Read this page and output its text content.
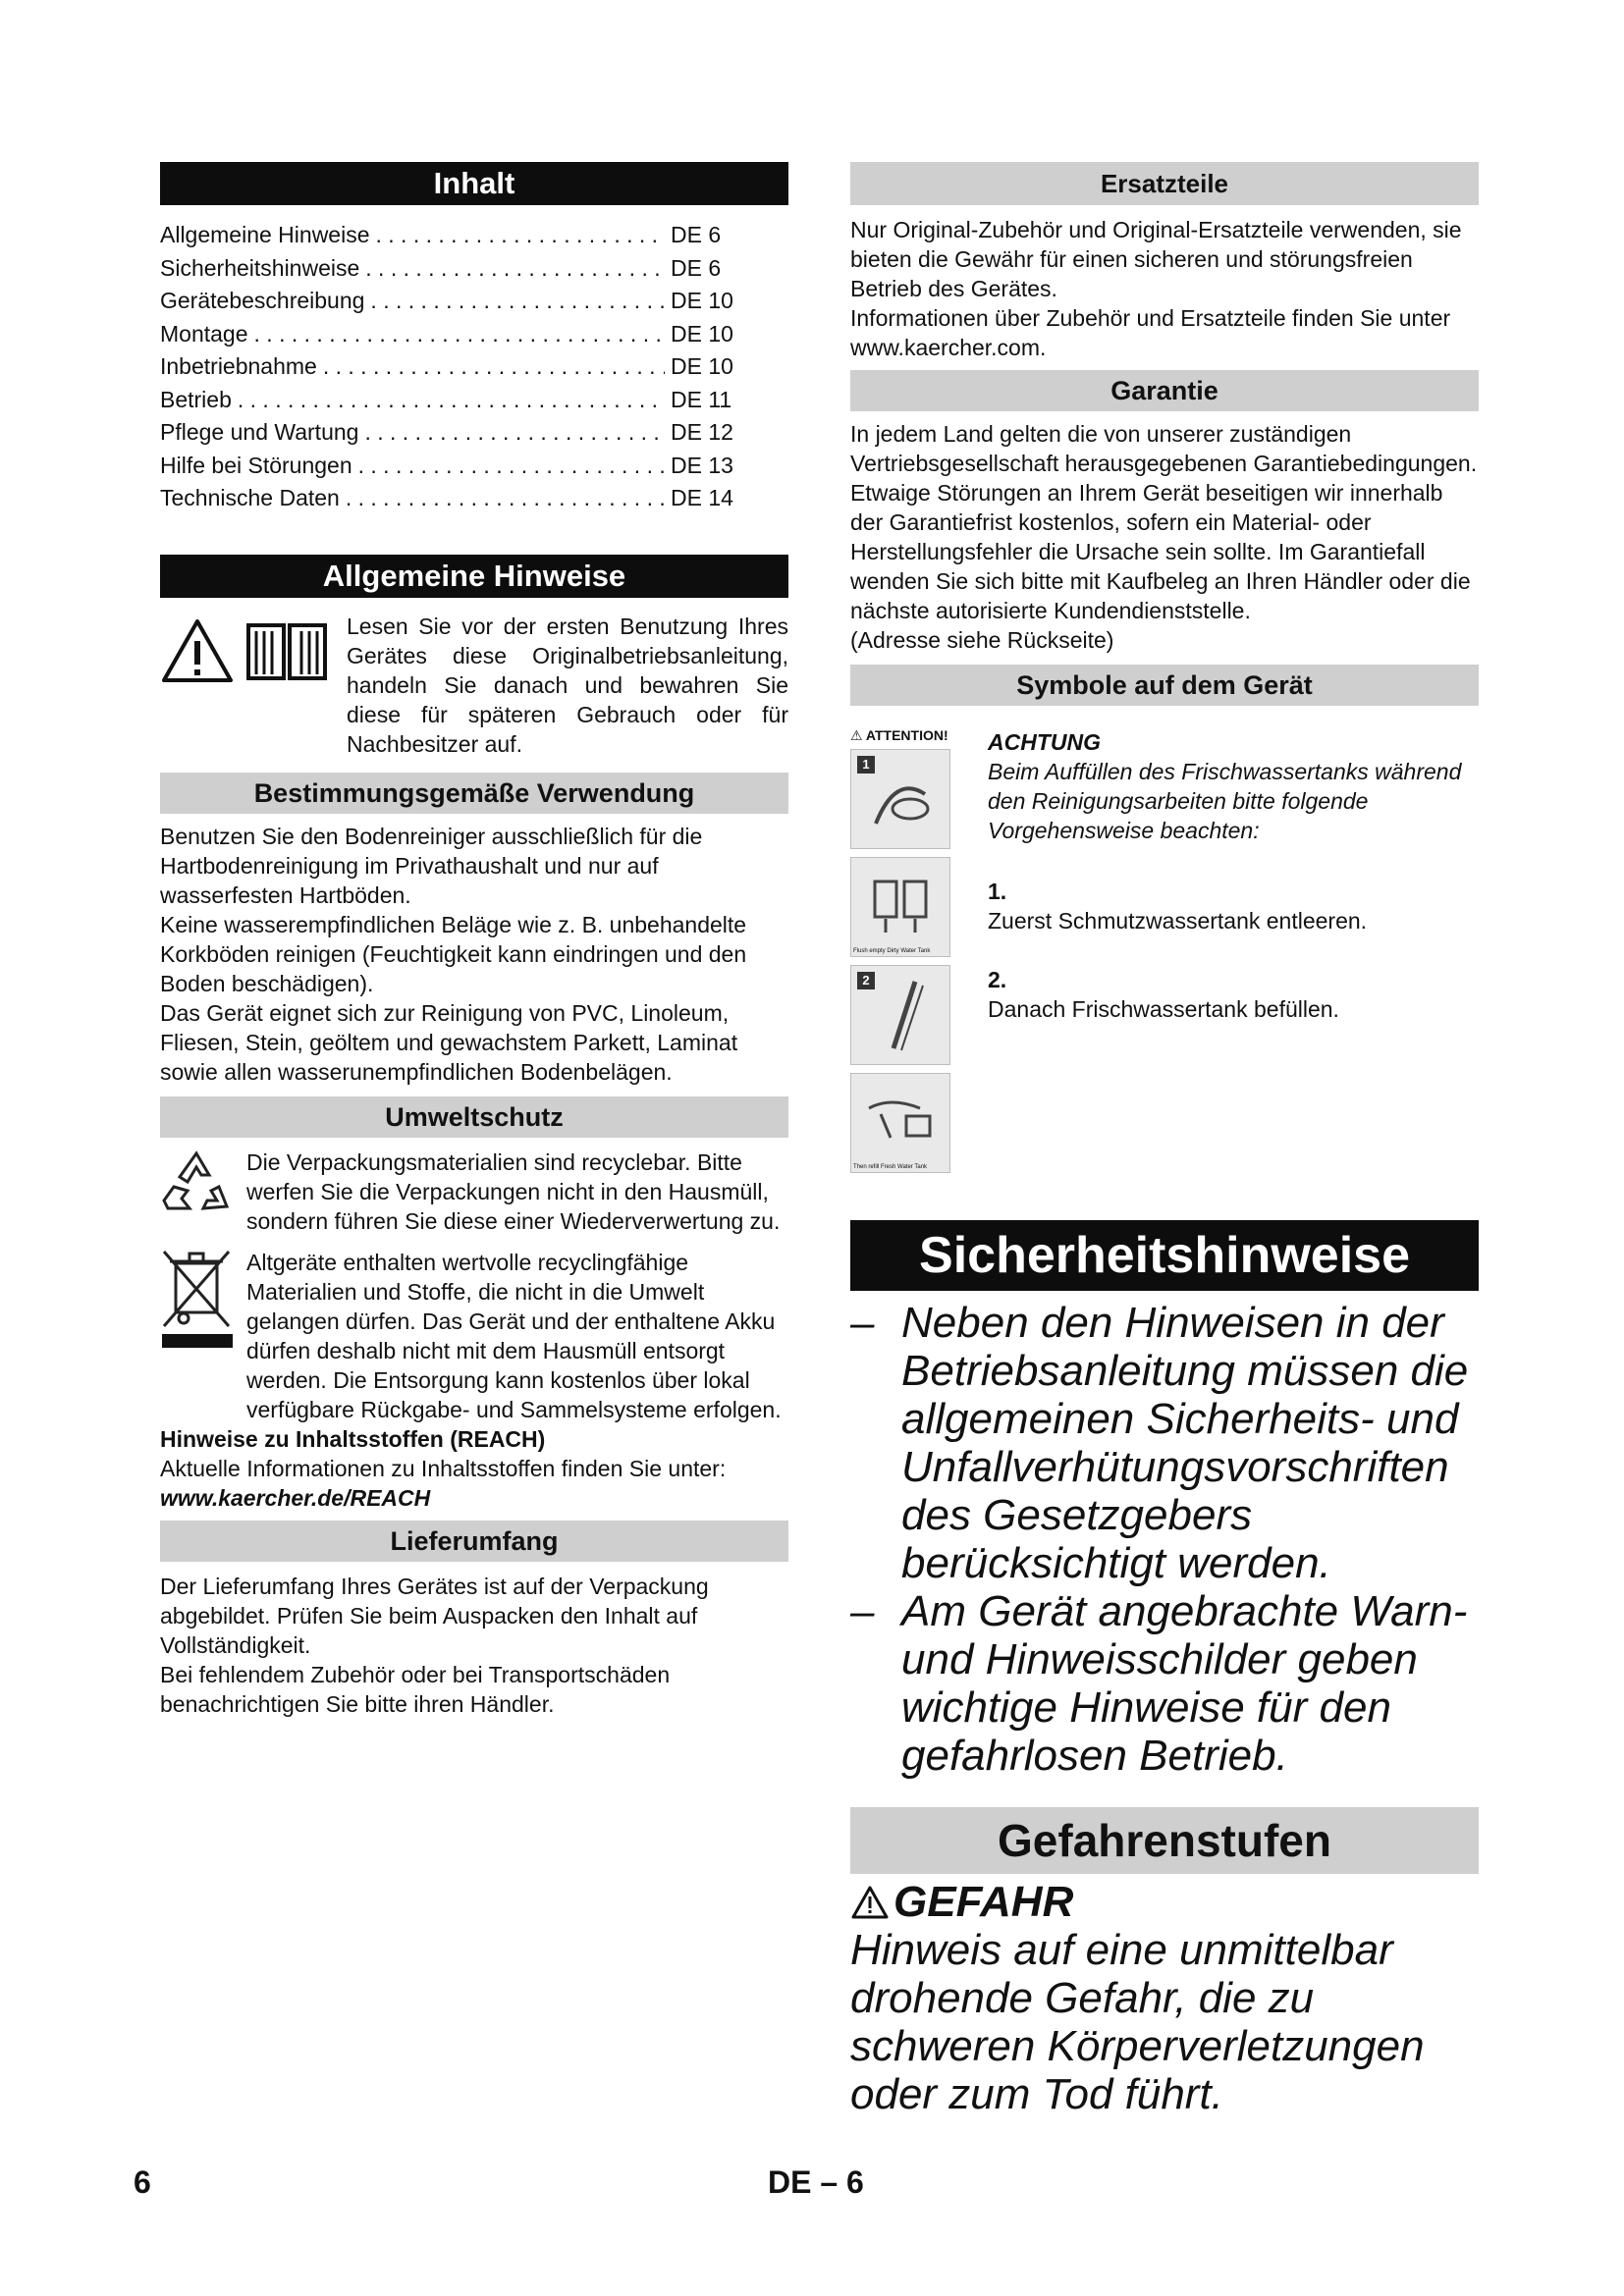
Inhalt
Allgemeine Hinweise . . .	DE 6
Sicherheitshinweise . . .	DE 6
Gerätebeschreibung . . .	DE 10
Montage . . .	DE 10
Inbetriebnahme . . .	DE 10
Betrieb . . .	DE 11
Pflege und Wartung . . .	DE 12
Hilfe bei Störungen . . .	DE 13
Technische Daten . . .	DE 14
Allgemeine Hinweise
Lesen Sie vor der ersten Benutzung Ihres Gerätes diese Originalbetriebsanleitung, handeln Sie danach und bewahren Sie diese für späteren Gebrauch oder für Nachbesitzer auf.
Bestimmungsgemäße Verwendung

Benutzen Sie den Bodenreiniger ausschließlich für die Hartbodenreinigung im Privathaushalt und nur auf wasserfesten Hartböden.

Keine wasserempfindlichen Beläge wie z. B. unbehandelte Korkböden reinigen (Feuchtigkeit kann eindringen und den Boden beschädigen).

Das Gerät eignet sich zur Reinigung von PVC, Linoleum, Fliesen, Stein, geöltem und gewachstem Parkett, Laminat sowie allen wasserunempfindlichen Bodenbelägen.

Umweltschutz
Die Verpackungsmaterialien sind recyclebar. Bitte werfen Sie die Verpackungen nicht in den Hausmüll, sondern führen Sie diese einer Wiederverwertung zu.
Altgeräte enthalten wertvolle recyclingfähige Materialien und Stoffe, die nicht in die Umwelt gelangen dürfen. Das Gerät und der enthaltene Akku dürfen deshalb nicht mit dem Hausmüll entsorgt werden. Die Entsorgung kann kostenlos über lokal verfügbare Rückgabe- und Sammelsysteme erfolgen.

Hinweise zu Inhaltsstoffen (REACH)

Aktuelle Informationen zu Inhaltsstoffen finden Sie unter:

www.kaercher.de/REACH

Lieferumfang

Der Lieferumfang Ihres Gerätes ist auf der Verpackung abgebildet. Prüfen Sie beim Auspacken den Inhalt auf Vollständigkeit.

Bei fehlendem Zubehör oder bei Transportschäden benachrichtigen Sie bitte ihren Händler.

Ersatzteile

Nur Original-Zubehör und Original-Ersatzteile verwenden, sie bieten die Gewähr für einen sicheren und störungsfreien Betrieb des Gerätes.

Informationen über Zubehör und Ersatzteile finden Sie unter www.kaercher.com.

Garantie

In jedem Land gelten die von unserer zuständigen Vertriebsgesellschaft herausgegebenen Garantiebedingungen. Etwaige Störungen an Ihrem Gerät beseitigen wir innerhalb der Garantiefrist kostenlos, sofern ein Material- oder Herstellungsfehler die Ursache sein sollte. Im Garantiefall wenden Sie sich bitte mit Kaufbeleg an Ihren Händler oder die nächste autorisierte Kundendienststelle.

(Adresse siehe Rückseite)

Symbole auf dem Gerät
⚠ ATTENTION!
1
Flush empty Dirty Water Tank
2
Then refill Fresh Water Tank

ACHTUNG

Beim Auffüllen des Frischwassertanks während den Reinigungsarbeiten bitte folgende Vorgehensweise beachten:

1.

Zuerst Schmutzwassertank entleeren.

2.

Danach Frischwassertank befüllen.

Sicherheitshinweise
– Neben den Hinweisen in der Betriebsanleitung müssen die allgemeinen Sicherheits- und Unfallverhütungsvorschriften des Gesetzgebers berücksichtigt werden.
– Am Gerät angebrachte Warn- und Hinweisschilder geben wichtige Hinweise für den gefahrlosen Betrieb.
Gefahrenstufen
GEFAHR
Hinweis auf eine unmittelbar drohende Gefahr, die zu schweren Körperverletzungen oder zum Tod führt.
6	DE – 6
